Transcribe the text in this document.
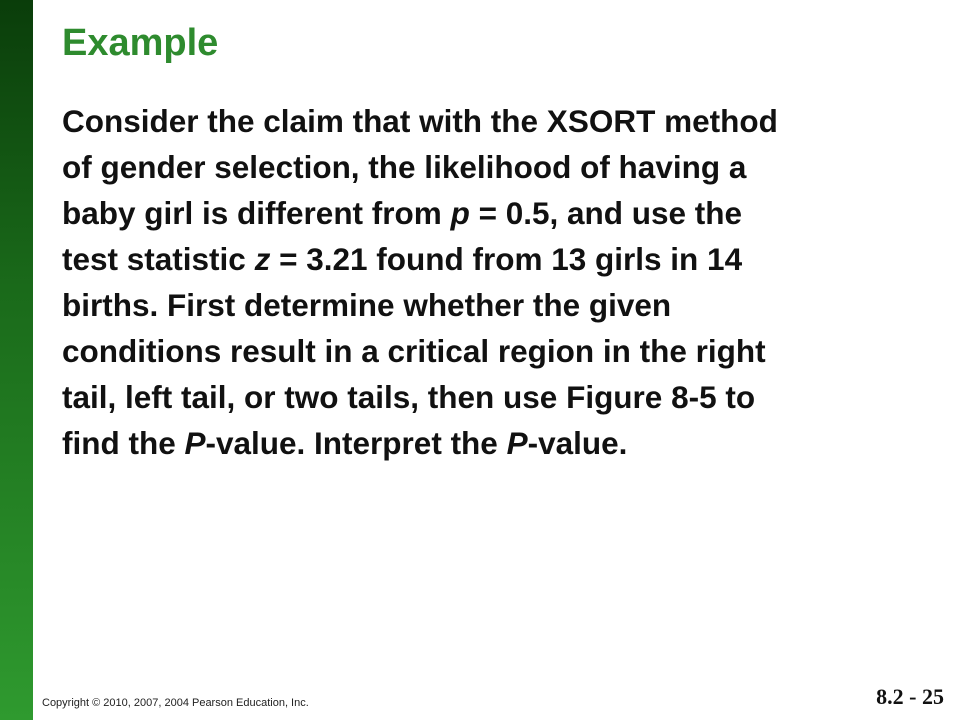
Example
Consider the claim that with the XSORT method
of gender selection, the likelihood of having a
baby girl is different from p = 0.5, and use the
test statistic z = 3.21 found from 13 girls in 14
births. First determine whether the given
conditions result in a critical region in the right
tail, left tail, or two tails, then use Figure 8-5 to
find the P-value. Interpret the P-value.
Copyright © 2010, 2007, 2004 Pearson Education, Inc.	8.2 - 25
